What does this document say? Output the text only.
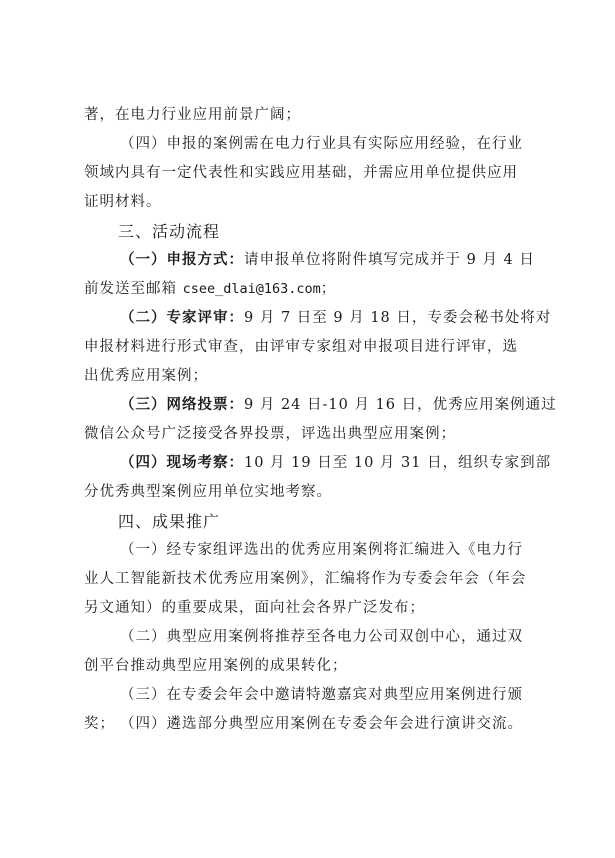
著，在电力行业应用前景广阔；
（四）申报的案例需在电力行业具有实际应用经验，在行业
领域内具有一定代表性和实践应用基础，并需应用单位提供应用
证明材料。
三、活动流程
（一）申报方式：请申报单位将附件填写完成并于 9 月 4 日
前发送至邮箱 csee_dlai@163.com；
（二）专家评审：9 月 7 日至 9 月 18 日，专委会秘书处将对
申报材料进行形式审查，由评审专家组对申报项目进行评审，选
出优秀应用案例；
（三）网络投票：9 月 24 日-10 月 16 日，优秀应用案例通过
微信公众号广泛接受各界投票，评选出典型应用案例；
（四）现场考察：10 月 19 日至 10 月 31 日，组织专家到部
分优秀典型案例应用单位实地考察。
四、成果推广
（一）经专家组评选出的优秀应用案例将汇编进入《电力行
业人工智能新技术优秀应用案例》，汇编将作为专委会年会（年会
另文通知）的重要成果，面向社会各界广泛发布；
（二）典型应用案例将推荐至各电力公司双创中心，通过双
创平台推动典型应用案例的成果转化；
（三）在专委会年会中邀请特邀嘉宾对典型应用案例进行颁
奖； （四）遴选部分典型应用案例在专委会年会进行演讲交流。
